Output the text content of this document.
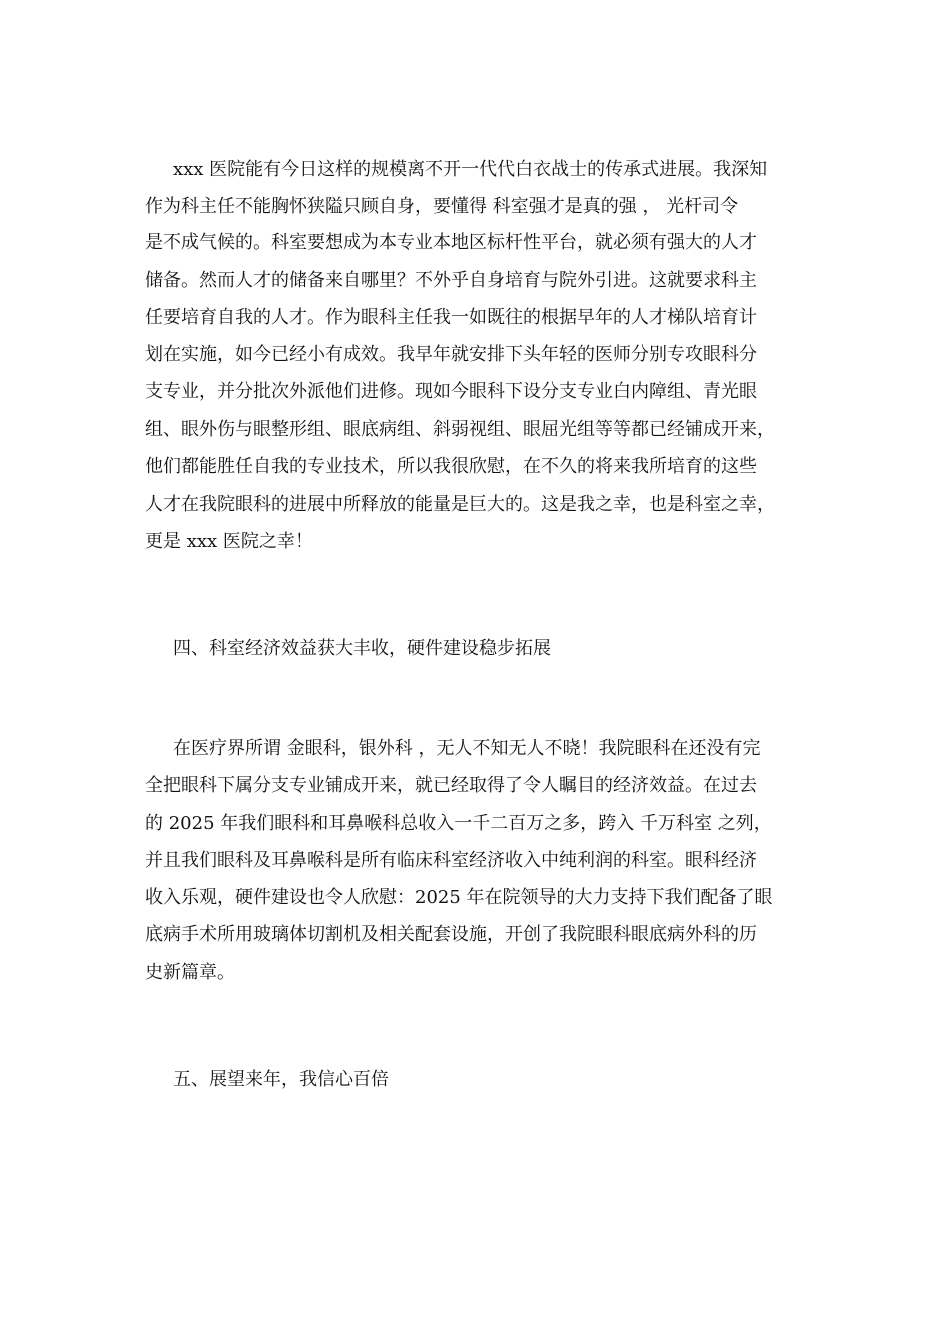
xxx 医院能有今日这样的规模离不开一代代白衣战士的传承式进展。我深知
作为科主任不能胸怀狭隘只顾自身，要懂得 科室强才是真的强 ， 光杆司令
是不成气候的。科室要想成为本专业本地区标杆性平台，就必须有强大的人才
储备。然而人才的储备来自哪里？不外乎自身培育与院外引进。这就要求科主
任要培育自我的人才。作为眼科主任我一如既往的根据早年的人才梯队培育计
划在实施，如今已经小有成效。我早年就安排下头年轻的医师分别专攻眼科分
支专业，并分批次外派他们进修。现如今眼科下设分支专业白内障组、青光眼
组、眼外伤与眼整形组、眼底病组、斜弱视组、眼屈光组等等都已经铺成开来，
他们都能胜任自我的专业技术，所以我很欣慰，在不久的将来我所培育的这些
人才在我院眼科的进展中所释放的能量是巨大的。这是我之幸，也是科室之幸，
更是 xxx 医院之幸！
四、科室经济效益获大丰收，硬件建设稳步拓展
在医疗界所谓 金眼科，银外科 ，无人不知无人不晓！我院眼科在还没有完
全把眼科下属分支专业铺成开来，就已经取得了令人瞩目的经济效益。在过去
的 2025 年我们眼科和耳鼻喉科总收入一千二百万之多，跨入 千万科室 之列，
并且我们眼科及耳鼻喉科是所有临床科室经济收入中纯利润的科室。眼科经济
收入乐观，硬件建设也令人欣慰：2025 年在院领导的大力支持下我们配备了眼
底病手术所用玻璃体切割机及相关配套设施，开创了我院眼科眼底病外科的历
史新篇章。
五、展望来年，我信心百倍
